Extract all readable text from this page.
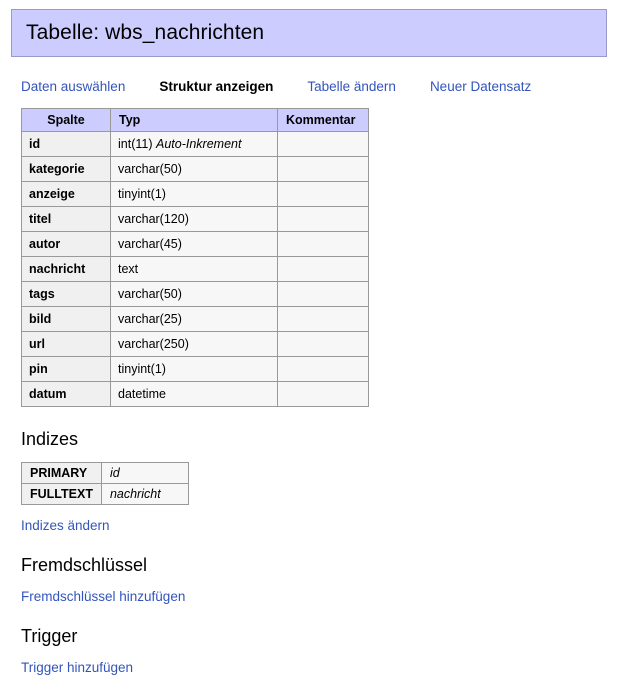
Tabelle: wbs_nachrichten
Daten auswählen	Struktur anzeigen	Tabelle ändern	Neuer Datensatz
Spalte	Typ	Kommentar
id	int(11) Auto-Inkrement	
kategorie	varchar(50)	
anzeige	tinyint(1)	
titel	varchar(120)	
autor	varchar(45)	
nachricht	text	
tags	varchar(50)	
bild	varchar(25)	
url	varchar(250)	
pin	tinyint(1)	
datum	datetime	
Indizes
PRIMARY	id
FULLTEXT	nachricht
Indizes ändern
Fremdschlüssel
Fremdschlüssel hinzufügen
Trigger
Trigger hinzufügen
